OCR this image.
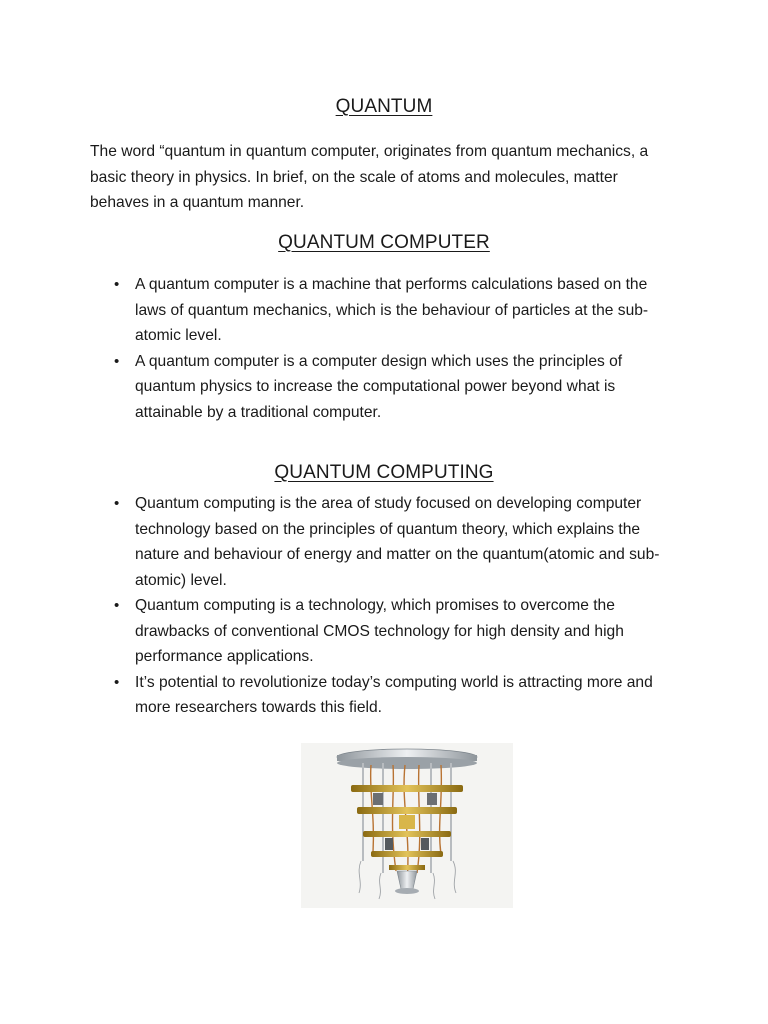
QUANTUM

The word “quantum in quantum computer, originates from quantum mechanics, a basic theory in physics. In brief, on the scale of atoms and molecules, matter behaves in a quantum manner.

QUANTUM COMPUTER
• A quantum computer is a machine that performs calculations based on the laws of quantum mechanics, which is the behaviour of particles at the sub-atomic level.
• A quantum computer is a computer design which uses the principles of quantum physics to increase the computational power beyond what is attainable by a traditional computer.
QUANTUM COMPUTING
• Quantum computing is the area of study focused on developing computer technology based on the principles of quantum theory, which explains the nature and behaviour of energy and matter on the quantum(atomic and sub-atomic) level.
• Quantum computing is a technology, which promises to overcome the drawbacks of conventional CMOS technology for high density and high performance applications.
• It’s potential to revolutionize today’s computing world is attracting more and more researchers towards this field.
